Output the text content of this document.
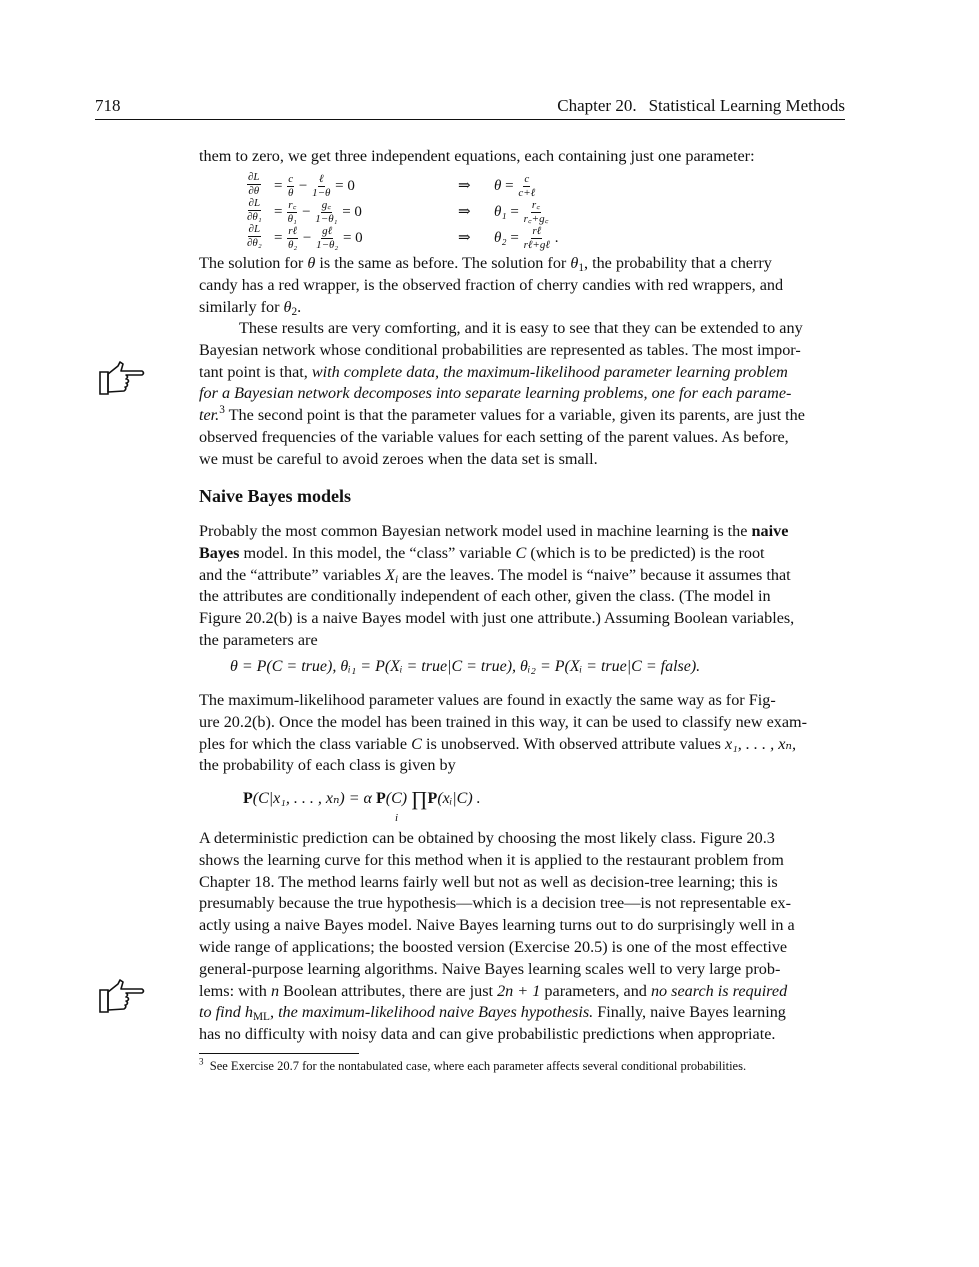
718	Chapter 20. Statistical Learning Methods

them to zero, we get three independent equations, each containing just one parameter:

$\frac{\partial L}{\partial\theta} = \frac{c}{\theta} - \frac{\text{ℓ}}{1-\theta} = 0$	⇒ $\theta = \frac{c}{\text{c+ℓ}}$
$\frac{\partial L}{\text{∂θ₁}} = \frac{r꜀}{\text{θ₁}} - \frac{g꜀}{\text{1−θ₁}} = 0$	⇒ $\theta_1 = \frac{r꜀}{r꜀+g꜀}$
$\frac{\partial L}{\text{∂θ₂}} = \frac{\text{rℓ}}{\text{θ₂}} - \frac{\text{gℓ}}{\text{1−θ₂}} = 0$	⇒ $\theta_2 = \frac{\text{rℓ}}{\text{rℓ+gℓ}}$ .

The solution for θ is the same as before. The solution for $\theta_1$, the probability that a cherry

candy has a red wrapper, is the observed fraction of cherry candies with red wrappers, and

similarly for $\theta_2$.

These results are very comforting, and it is easy to see that they can be extended to any

Bayesian network whose conditional probabilities are represented as tables. The most impor-

tant point is that, with complete data, the maximum-likelihood parameter learning problem

for a Bayesian network decomposes into separate learning problems, one for each parame-

ter.$^3$ The second point is that the parameter values for a variable, given its parents, are just the

observed frequencies of the variable values for each setting of the parent values. As before,

we must be careful to avoid zeroes when the data set is small.

Naive Bayes models

Probably the most common Bayesian network model used in machine learning is the naive

Bayes model. In this model, the “class” variable C (which is to be predicted) is the root

and the “attribute” variables $X_i$ are the leaves. The model is “naive” because it assumes that

the attributes are conditionally independent of each other, given the class. (The model in

Figure 20.2(b) is a naive Bayes model with just one attribute.) Assuming Boolean variables,

the parameters are

θ = P(C = true), θᵢ₁ = P(Xᵢ = true|C = true), θᵢ₂ = P(Xᵢ = true|C = false).

The maximum-likelihood parameter values are found in exactly the same way as for Fig-

ure 20.2(b). Once the model has been trained in this way, it can be used to classify new exam-

ples for which the class variable C is unobserved. With observed attribute values x₁, . . . , xₙ,

the probability of each class is given by

P(C|x₁, . . . , xₙ) = α P(C) ∏P(xᵢ|C) .
i

A deterministic prediction can be obtained by choosing the most likely class. Figure 20.3

shows the learning curve for this method when it is applied to the restaurant problem from

Chapter 18. The method learns fairly well but not as well as decision-tree learning; this is

presumably because the true hypothesis—which is a decision tree—is not representable ex-

actly using a naive Bayes model. Naive Bayes learning turns out to do surprisingly well in a

wide range of applications; the boosted version (Exercise 20.5) is one of the most effective

general-purpose learning algorithms. Naive Bayes learning scales well to very large prob-

lems: with n Boolean attributes, there are just 2n + 1 parameters, and no search is required

to find $h_{ML}$, the maximum-likelihood naive Bayes hypothesis. Finally, naive Bayes learning

has no difficulty with noisy data and can give probabilistic predictions when appropriate.

$^3$ See Exercise 20.7 for the nontabulated case, where each parameter affects several conditional probabilities.
